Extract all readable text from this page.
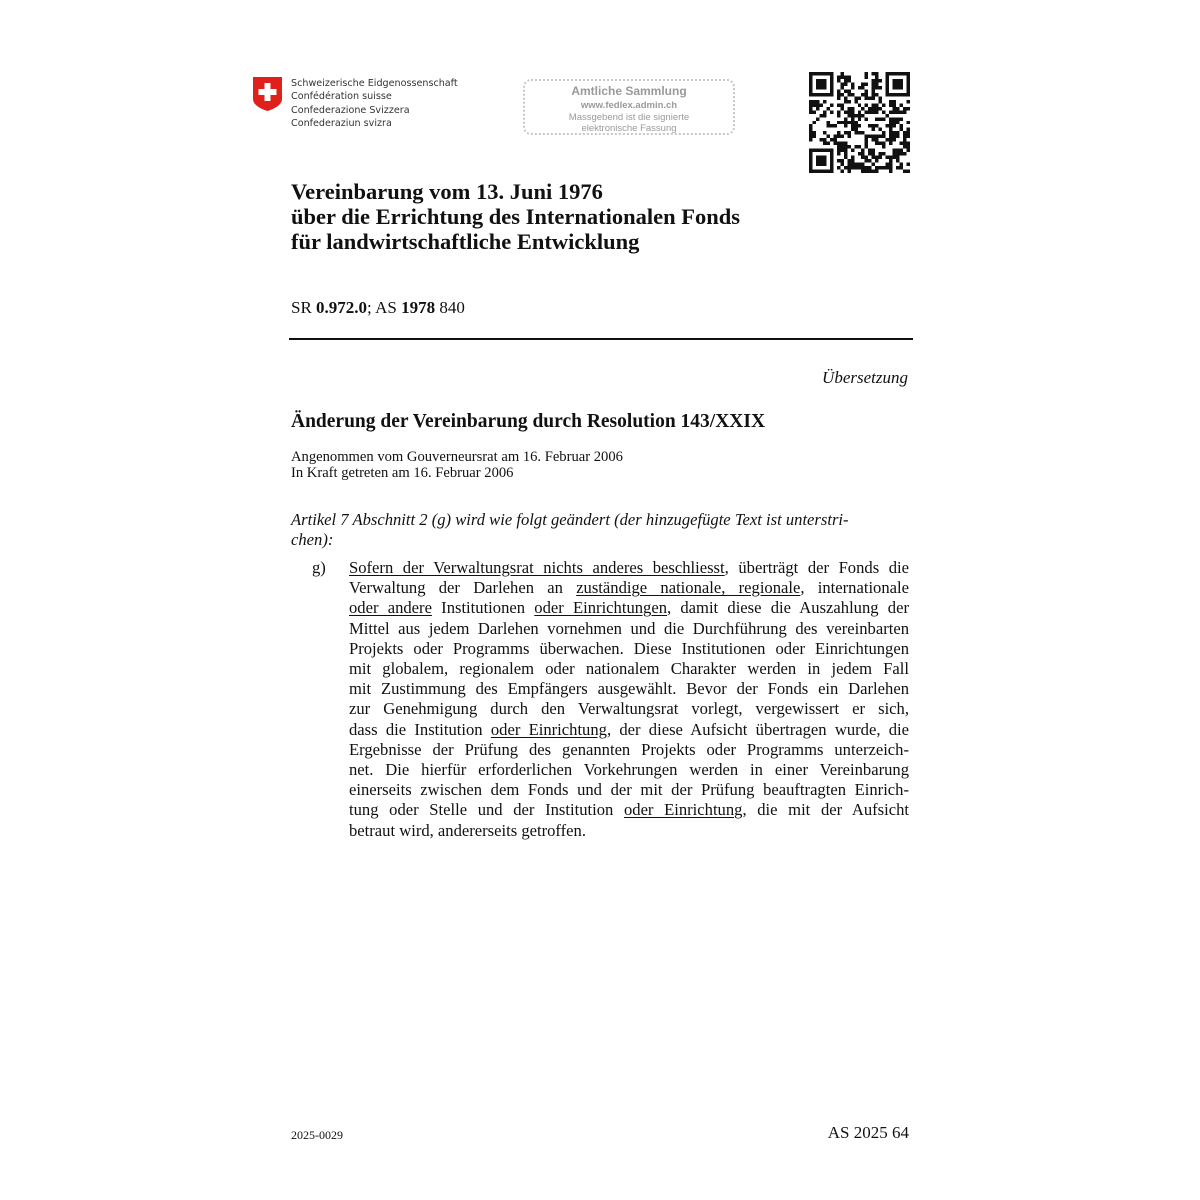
Schweizerische Eidgenossenschaft
Confédération suisse
Confederazione Svizzera
Confederaziun svizra
Amtliche Sammlung
www.fedlex.admin.ch
Massgebend ist die signierte
elektronische Fassung
Vereinbarung vom 13. Juni 1976
über die Errichtung des Internationalen Fonds
für landwirtschaftliche Entwicklung
SR 0.972.0; AS 1978 840
Übersetzung
Änderung der Vereinbarung durch Resolution 143/XXIX
Angenommen vom Gouverneursrat am 16. Februar 2006
In Kraft getreten am 16. Februar 2006
Artikel 7 Abschnitt 2 (g) wird wie folgt geändert (der hinzugefügte Text ist unterstri-
chen):
g) Sofern der Verwaltungsrat nichts anderes beschliesst, überträgt der Fonds die
Verwaltung der Darlehen an zuständige nationale, regionale, internationale
oder andere Institutionen oder Einrichtungen, damit diese die Auszahlung der
Mittel aus jedem Darlehen vornehmen und die Durchführung des vereinbarten
Projekts oder Programms überwachen. Diese Institutionen oder Einrichtungen
mit globalem, regionalem oder nationalem Charakter werden in jedem Fall
mit Zustimmung des Empfängers ausgewählt. Bevor der Fonds ein Darlehen
zur Genehmigung durch den Verwaltungsrat vorlegt, vergewissert er sich,
dass die Institution oder Einrichtung, der diese Aufsicht übertragen wurde, die
Ergebnisse der Prüfung des genannten Projekts oder Programms unterzeich-
net. Die hierfür erforderlichen Vorkehrungen werden in einer Vereinbarung
einerseits zwischen dem Fonds und der mit der Prüfung beauftragten Einrich-
tung oder Stelle und der Institution oder Einrichtung, die mit der Aufsicht
betraut wird, andererseits getroffen.
2025-0029	AS 2025 64
